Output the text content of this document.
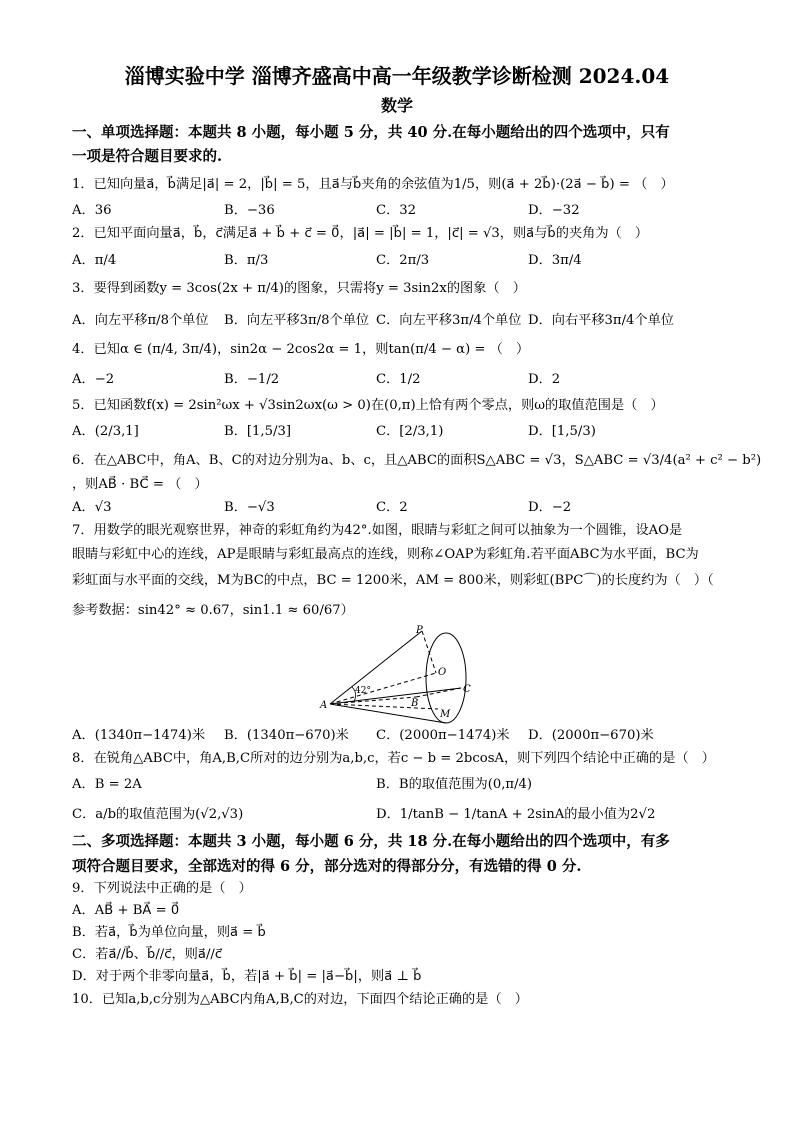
淄博实验中学 淄博齐盛高中高一年级教学诊断检测 2024.04
数学
一、单项选择题：本题共 8 小题，每小题 5 分，共 40 分.在每小题给出的四个选项中，只有
一项是符合题目要求的.
1．已知向量a⃗，b⃗满足|a⃗| = 2，|b⃗| = 5，且a⃗与b⃗夹角的余弦值为1/5，则(a⃗ + 2b⃗)·(2a⃗ − b⃗) = （　）
A．36	B．−36	C．32	D．−32
2．已知平面向量a⃗，b⃗，c⃗满足a⃗ + b⃗ + c⃗ = 0⃗，|a⃗| = |b⃗| = 1，|c⃗| = √3，则a⃗与b⃗的夹角为（　）
A．π/4	B．π/3	C．2π/3	D．3π/4
3．要得到函数y = 3cos(2x + π/4)的图象，只需将y = 3sin2x的图象（　）
A．向左平移π/8个单位 B．向左平移3π/8个单位 C．向左平移3π/4个单位 D．向右平移3π/4个单位
4．已知α ∈ (π/4, 3π/4)，sin2α − 2cos2α = 1，则tan(π/4 − α) = （　）
A．−2	B．−1/2	C．1/2	D．2
5．已知函数f(x) = 2sin²ωx + √3sin2ωx(ω > 0)在(0,π)上恰有两个零点，则ω的取值范围是（　）
A．(2/3,1]	B．[1,5/3]	C．[2/3,1)	D．[1,5/3)
6．在△ABC中，角A、B、C的对边分别为a、b、c，且△ABC的面积S△ABC = √3，S△ABC = √3/4(a² + c² − b²)
，则AB⃗ · BC⃗ = （　）
A．√3	B．−√3	C．2	D．−2
7．用数学的眼光观察世界，神奇的彩虹角约为42°.如图，眼睛与彩虹之间可以抽象为一个圆锥，设AO是
眼睛与彩虹中心的连线，AP是眼睛与彩虹最高点的连线，则称∠OAP为彩虹角.若平面ABC为水平面，BC为
彩虹面与水平面的交线，M为BC的中点，BC = 1200米，AM = 800米，则彩虹(BPC⌒)的长度约为（　）（
参考数据：sin42° ≈ 0.67，sin1.1 ≈ 60/67）
P
O
A	B
C
M
42°
A．(1340π−1474)米 B．(1340π−670)米 C．(2000π−1474)米 D．(2000π−670)米
8．在锐角△ABC中，角A,B,C所对的边分别为a,b,c，若c − b = 2bcosA，则下列四个结论中正确的是（　）
A．B = 2A	B．B的取值范围为(0,π/4)
C．a/b的取值范围为(√2,√3)	D．1/tanB − 1/tanA + 2sinA的最小值为2√2
二、多项选择题：本题共 3 小题，每小题 6 分，共 18 分.在每小题给出的四个选项中，有多
项符合题目要求，全部选对的得 6 分，部分选对的得部分分，有选错的得 0 分.
9．下列说法中正确的是（　）
A．AB⃗ + BA⃗ = 0⃗
B．若a⃗，b⃗为单位向量，则a⃗ = b⃗
C．若a⃗//b⃗、b⃗//c⃗，则a⃗//c⃗
D．对于两个非零向量a⃗，b⃗，若|a⃗ + b⃗| = |a⃗−b⃗|，则a⃗ ⊥ b⃗
10．已知a,b,c分别为△ABC内角A,B,C的对边，下面四个结论正确的是（　）
